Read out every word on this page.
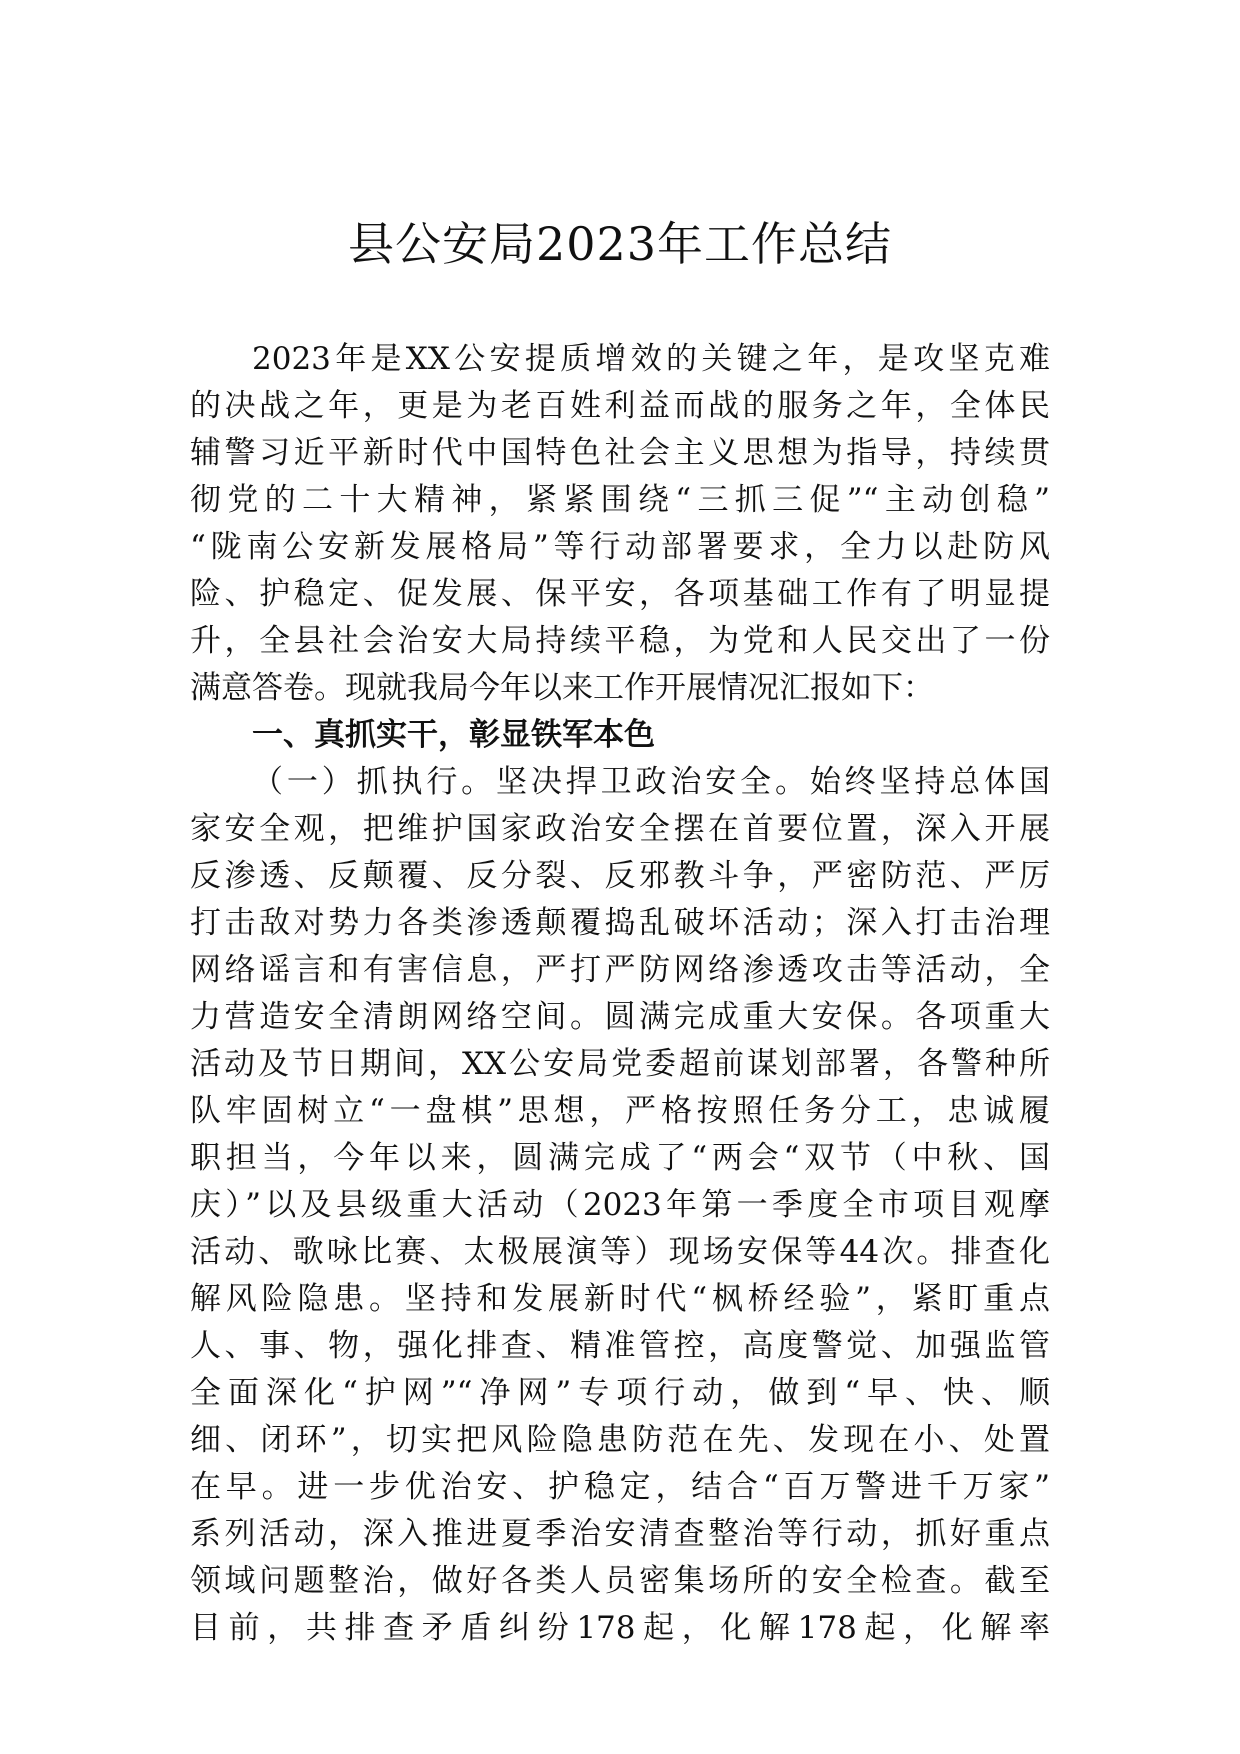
县公安局2023年工作总结
2023年是XX公安提质增效的关键之年，是攻坚克难
的决战之年，更是为老百姓利益而战的服务之年，全体民
辅警习近平新时代中国特色社会主义思想为指导，持续贯
彻党的二十大精神，紧紧围绕“三抓三促”“主动创稳”
“陇南公安新发展格局”等行动部署要求，全力以赴防风
险、护稳定、促发展、保平安，各项基础工作有了明显提
升，全县社会治安大局持续平稳，为党和人民交出了一份
满意答卷。现就我局今年以来工作开展情况汇报如下：
一、真抓实干，彰显铁军本色
（一）抓执行。坚决捍卫政治安全。始终坚持总体国
家安全观，把维护国家政治安全摆在首要位置，深入开展
反渗透、反颠覆、反分裂、反邪教斗争，严密防范、严厉
打击敌对势力各类渗透颠覆捣乱破坏活动；深入打击治理
网络谣言和有害信息，严打严防网络渗透攻击等活动，全
力营造安全清朗网络空间。圆满完成重大安保。各项重大
活动及节日期间，XX公安局党委超前谋划部署，各警种所
队牢固树立“一盘棋”思想，严格按照任务分工，忠诚履
职担当，今年以来，圆满完成了“两会“双节（中秋、国
庆）”以及县级重大活动（2023年第一季度全市项目观摩
活动、歌咏比赛、太极展演等）现场安保等44次。排查化
解风险隐患。坚持和发展新时代“枫桥经验”，紧盯重点
人、事、物，强化排查、精准管控，高度警觉、加强监管
全面深化“护网”“净网”专项行动，做到“早、快、顺
细、闭环”，切实把风险隐患防范在先、发现在小、处置
在早。进一步优治安、护稳定，结合“百万警进千万家”
系列活动，深入推进夏季治安清查整治等行动，抓好重点
领域问题整治，做好各类人员密集场所的安全检查。截至
目前，共排查矛盾纠纷178起，化解178起，化解率
